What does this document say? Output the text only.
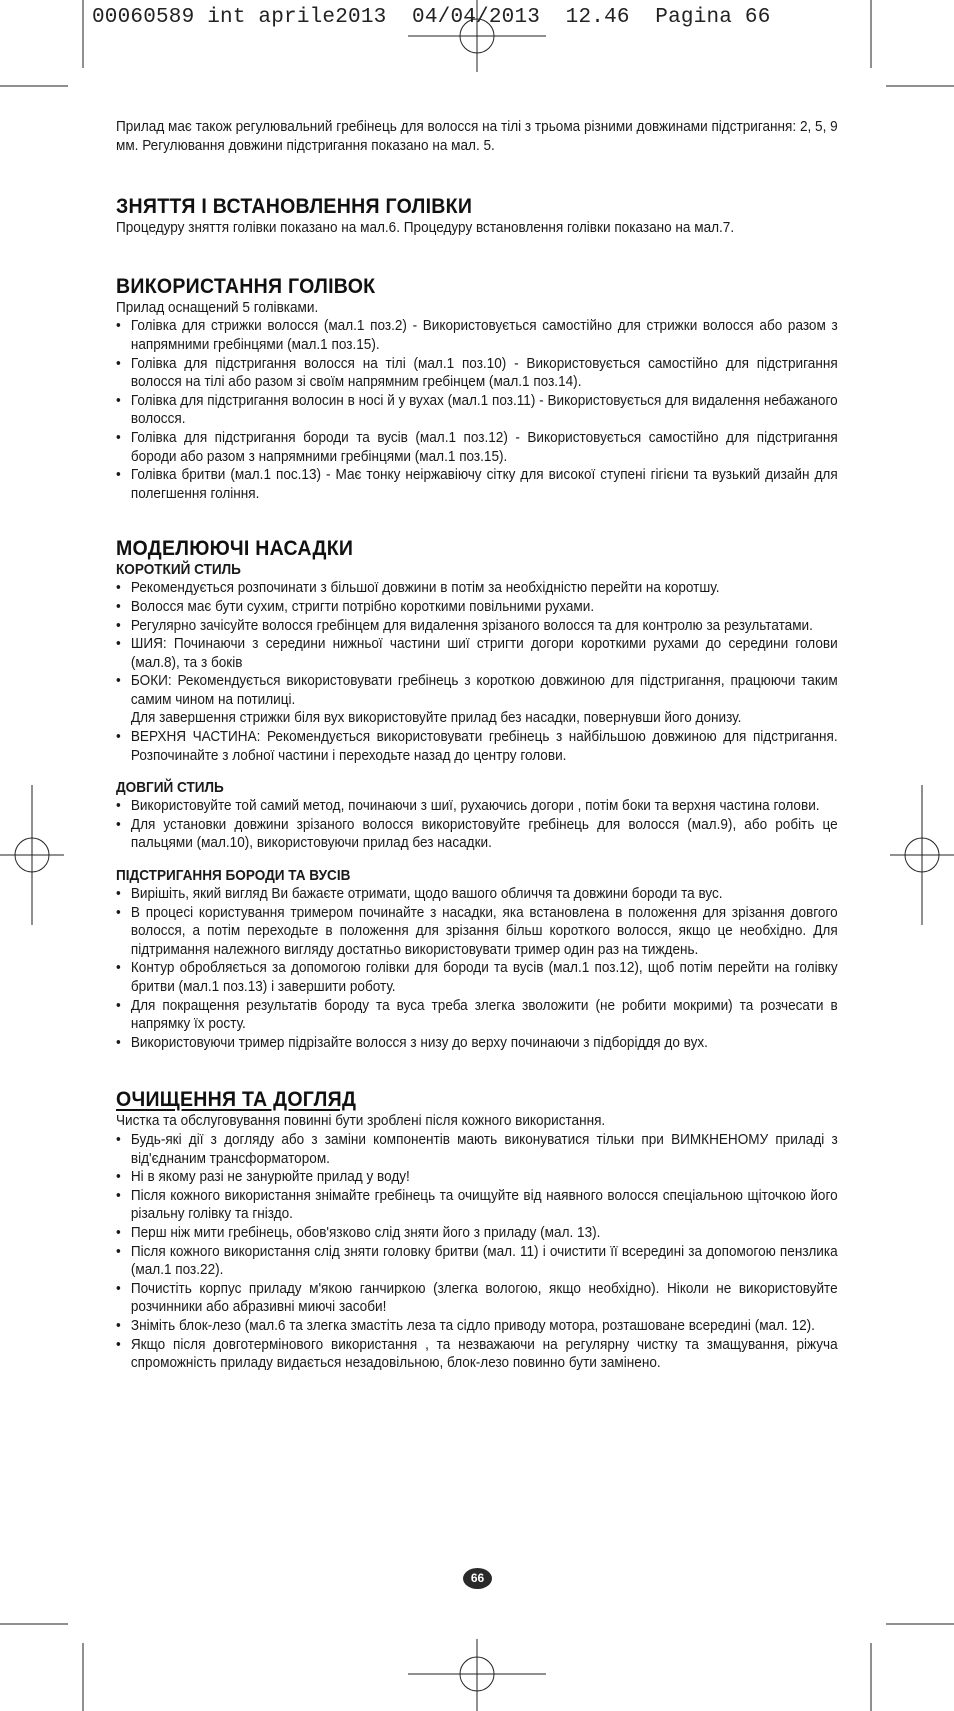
00060589 int aprile2013  04/04/2013  12.46  Pagina 66

Прилад має також регулювальний гребінець для волосся на тілі з трьома різними довжинами підстригання: 2, 5, 9 мм. Регулювання довжини підстригання показано на мал. 5.

ЗНЯТТЯ І ВСТАНОВЛЕННЯ ГОЛІВКИ

Процедуру зняття голівки показано на мал.6. Процедуру встановлення голівки показано на мал.7.

ВИКОРИСТАННЯ ГОЛІВОК

Прилад оснащений 5 голівками.

• Голівка для стрижки волосся (мал.1 поз.2) - Використовується самостійно для стрижки волосся або разом з напрямними гребінцями (мал.1 поз.15).
• Голівка для підстригання волосся на тілі (мал.1 поз.10) - Використовується самостійно для підстригання волосся на тілі або разом зі своїм напрямним гребінцем (мал.1 поз.14).
• Голівка для підстригання волосин в носі й у вухах (мал.1 поз.11) - Використовується для видалення небажаного волосся.
• Голівка для підстригання бороди та вусів (мал.1 поз.12) - Використовується самостійно для підстригання бороди або разом з напрямними гребінцями (мал.1 поз.15).
• Голівка бритви (мал.1 пос.13) - Має тонку неіржавіючу сітку для високої ступені гігієни та вузький дизайн для полегшення гоління.
МОДЕЛЮЮЧІ НАСАДКИ
КОРОТКИЙ СТИЛЬ
• Рекомендується розпочинати з більшої довжини в потім за необхідністю перейти на коротшу.
• Волосся має бути сухим, стригти потрібно короткими повільними рухами.
• Регулярно зачісуйте волосся гребінцем для видалення зрізаного волосся та для контролю за результатами.
• ШИЯ: Починаючи з середини нижньої частини шиї стригти догори короткими рухами до середини голови (мал.8), та з боків
• БОКИ: Рекомендується використовувати гребінець з короткою довжиною для підстригання, працюючи таким самим чином на потилиці.

Для завершення стрижки біля вух використовуйте прилад без насадки, повернувши його донизу.

• ВЕРХНЯ ЧАСТИНА: Рекомендується використовувати гребінець з найбільшою довжиною для підстригання. Розпочинайте з лобної частини і переходьте назад до центру голови.
ДОВГИЙ СТИЛЬ
• Використовуйте той самий метод, починаючи з шиї, рухаючись догори , потім боки та верхня частина голови.
• Для установки довжини зрізаного волосся використовуйте гребінець для волосся (мал.9), або робіть це пальцями (мал.10), використовуючи прилад без насадки.
ПІДСТРИГАННЯ БОРОДИ ТА ВУСІВ
• Вирішіть, який вигляд Ви бажаєте отримати, щодо вашого обличчя та довжини бороди та вус.
• В процесі користування тримером починайте з насадки, яка встановлена в положення для зрізання довгого волосся, а потім переходьте в положення для зрізання більш короткого волосся, якщо це необхідно. Для підтримання належного вигляду достатньо використовувати тример один раз на тиждень.
• Контур обробляється за допомогою голівки для бороди та вусів (мал.1 поз.12), щоб потім перейти на голівку бритви (мал.1 поз.13) і завершити роботу.
• Для покращення результатів бороду та вуса треба злегка зволожити (не робити мокрими) та розчесати в напрямку їх росту.
• Використовуючи тример підрізайте волосся з низу до верху починаючи з підборіддя до вух.
ОЧИЩЕННЯ ТА ДОГЛЯД

Чистка та обслуговування повинні бути зроблені після кожного використання.

• Будь-які дії з догляду або з заміни компонентів мають виконуватися тільки при ВИМКНЕНОМУ приладі з від'єднаним трансформатором.
• Ні в якому разі не занурюйте прилад у воду!
• Після кожного використання знімайте гребінець та очищуйте від наявного волосся спеціальною щіточкою його різальну голівку та гніздо.
• Перш ніж мити гребінець, обов'язково слід зняти його з приладу (мал. 13).
• Після кожного використання слід зняти головку бритви (мал. 11) і очистити її всередині за допомогою пензлика (мал.1 поз.22).
• Почистіть корпус приладу м'якою ганчиркою (злегка вологою, якщо необхідно). Ніколи не використовуйте розчинники або абразивні миючі засоби!
• Зніміть блок-лезо (мал.6 та злегка змастіть леза та сідло приводу мотора, розташоване всередині (мал. 12).
• Якщо після довготермінового використання , та незважаючи на регулярну чистку та змащування, ріжуча спроможність приладу видається незадовільною, блок-лезо повинно бути замінено.
66
